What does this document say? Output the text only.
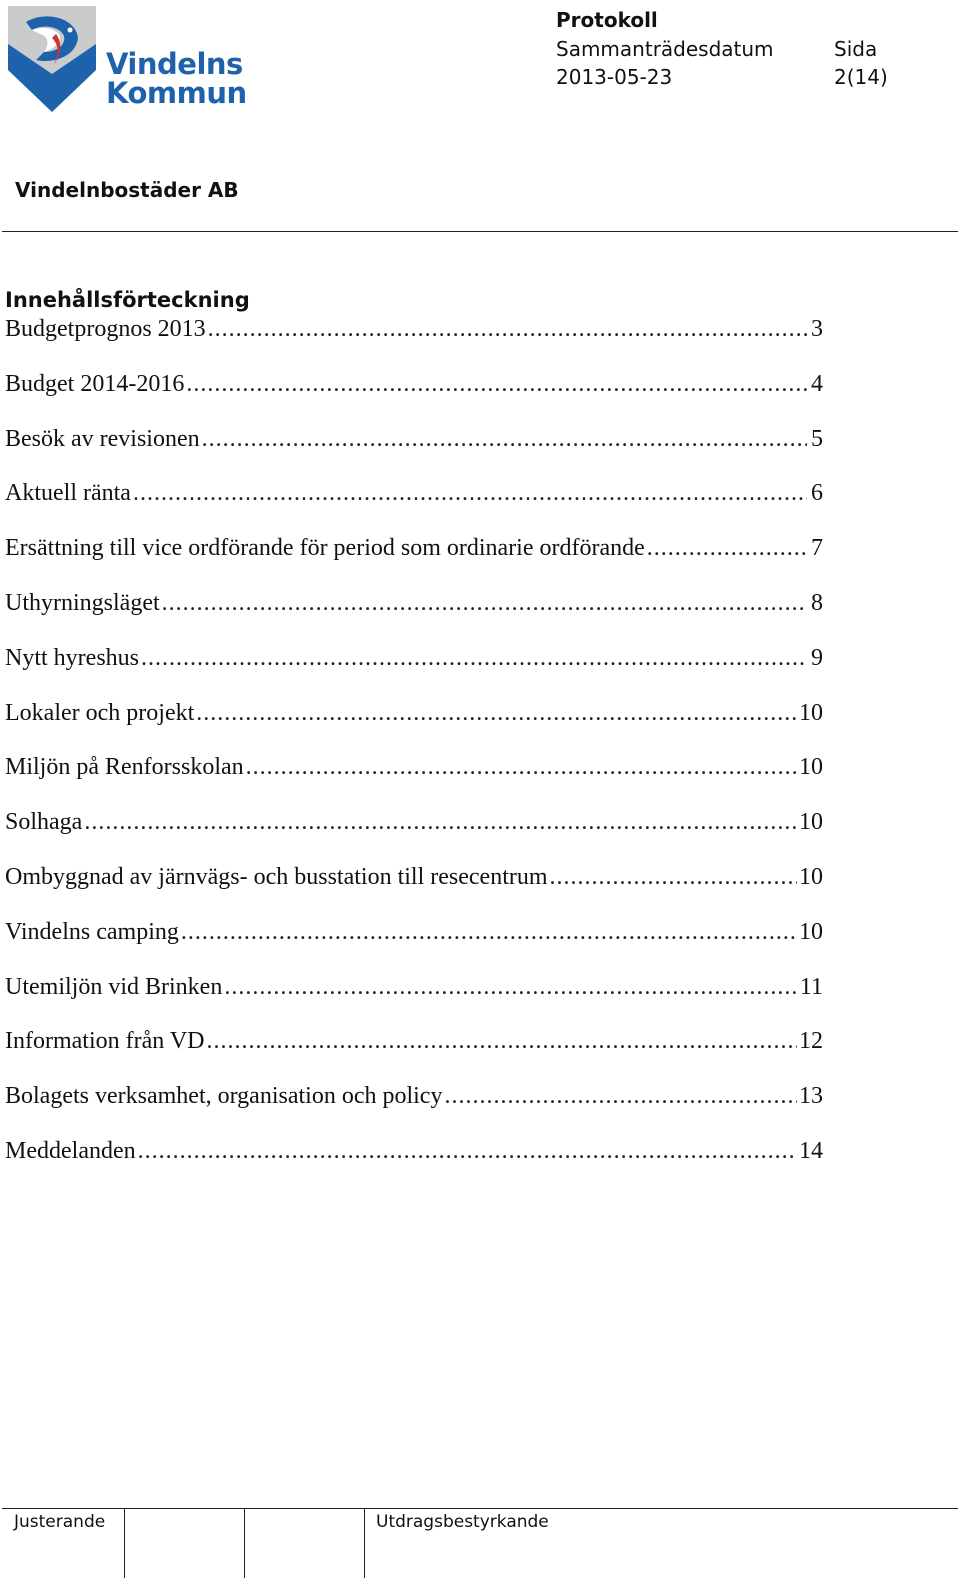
Vindelns
Kommun
Protokoll
Sammanträdesdatum
2013-05-23
Sida
2(14)
Vindelnbostäder AB
Innehållsförteckning
Budgetprognos 2013 .....	3
Budget 2014-2016 .....	4
Besök av revisionen .....	5
Aktuell ränta .....	6
Ersättning till vice ordförande för period som ordinarie ordförande .....	7
Uthyrningsläget .....	8
Nytt hyreshus .....	9
Lokaler och projekt .....	10
Miljön på Renforsskolan .....	10
Solhaga .....	10
Ombyggnad av järnvägs- och busstation till resecentrum .....	10
Vindelns camping .....	10
Utemiljön vid Brinken .....	11
Information från VD .....	12
Bolagets verksamhet, organisation och policy .....	13
Meddelanden .....	14
Justerande	Utdragsbestyrkande
